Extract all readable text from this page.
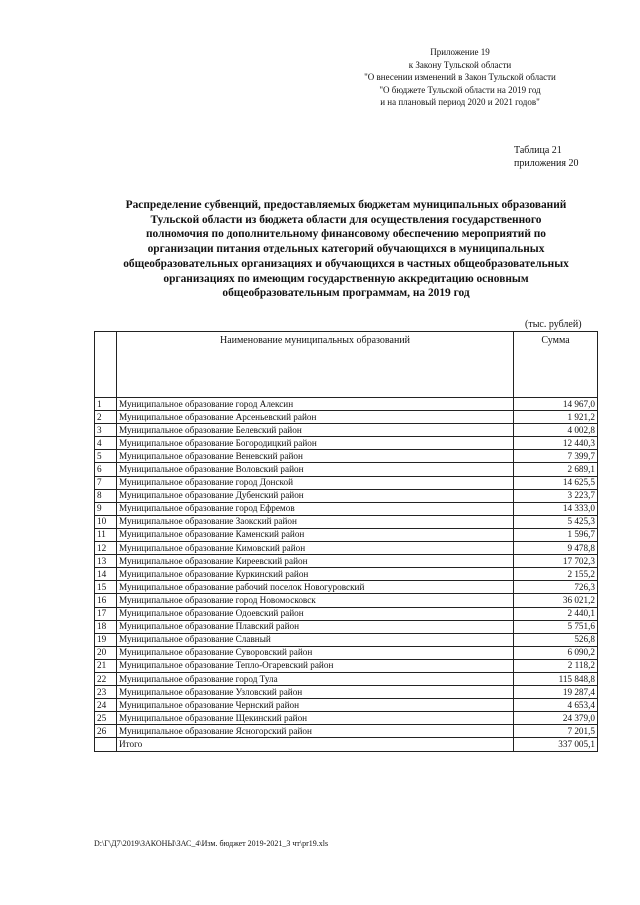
Приложение 19
к Закону Тульской области
"О внесении изменений в Закон Тульской области
"О бюджете Тульской области на 2019 год
и на плановый период 2020 и 2021 годов"
Таблица 21
приложения 20
Распределение субвенций, предоставляемых бюджетам муниципальных образований
Тульской области из бюджета области для осуществления государственного
полномочия по дополнительному финансовому обеспечению мероприятий по
организации питания отдельных категорий обучающихся в муниципальных
общеобразовательных организациях и обучающихся в частных общеобразовательных
организациях по имеющим государственную аккредитацию основным
общеобразовательным программам, на 2019 год
(тыс. рублей)
	Наименование муниципальных образований	Сумма
1	Муниципальное образование город Алексин	14 967,0
2	Муниципальное образование Арсеньевский район	1 921,2
3	Муниципальное образование Белевский район	4 002,8
4	Муниципальное образование Богородицкий район	12 440,3
5	Муниципальное образование Веневский район	7 399,7
6	Муниципальное образование Воловский район	2 689,1
7	Муниципальное образование город Донской	14 625,5
8	Муниципальное образование Дубенский район	3 223,7
9	Муниципальное образование город Ефремов	14 333,0
10	Муниципальное образование Заокский район	5 425,3
11	Муниципальное образование Каменский район	1 596,7
12	Муниципальное образование Кимовский район	9 478,8
13	Муниципальное образование Киреевский район	17 702,3
14	Муниципальное образование Куркинский район	2 155,2
15	Муниципальное образование рабочий поселок Новогуровский	726,3
16	Муниципальное образование город Новомосковск	36 021,2
17	Муниципальное образование Одоевский район	2 440,1
18	Муниципальное образование Плавский район	5 751,6
19	Муниципальное образование Славный	526,8
20	Муниципальное образование Суворовский район	6 090,2
21	Муниципальное образование Тепло-Огаревский район	2 118,2
22	Муниципальное образование город Тула	115 848,8
23	Муниципальное образование Узловский район	19 287,4
24	Муниципальное образование Чернский район	4 653,4
25	Муниципальное образование Щекинский район	24 379,0
26	Муниципальное образование Ясногорский район	7 201,5
	Итого	337 005,1
D:\Г\Д7\2019\ЗАКОНЫ\ЗАС_4\Изм. бюджет 2019-2021_3 чт\pr19.xls
